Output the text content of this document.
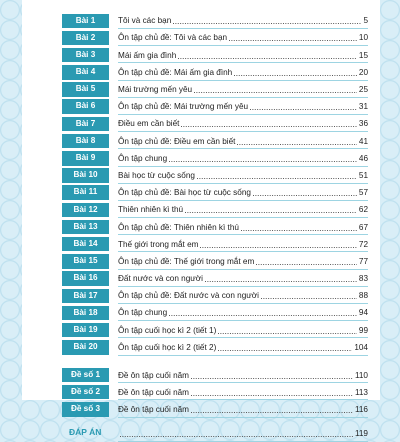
Bài 1	Tôi và các bạn	5
Bài 2	Ôn tập chủ đề: Tôi và các bạn	10
Bài 3	Mái ấm gia đình	15
Bài 4	Ôn tập chủ đề: Mái ấm gia đình	20
Bài 5	Mái trường mến yêu	25
Bài 6	Ôn tập chủ đề: Mái trường mến yêu	31
Bài 7	Điều em cần biết	36
Bài 8	Ôn tập chủ đề: Điều em cần biết	41
Bài 9	Ôn tập chung	46
Bài 10	Bài học từ cuộc sống	51
Bài 11	Ôn tập chủ đề: Bài học từ cuộc sống	57
Bài 12	Thiên nhiên kì thú	62
Bài 13	Ôn tập chủ đề: Thiên nhiên kì thú	67
Bài 14	Thế giới trong mắt em	72
Bài 15	Ôn tập chủ đề: Thế giới trong mắt em	77
Bài 16	Đất nước và con người	83
Bài 17	Ôn tập chủ đề: Đất nước và con người	88
Bài 18	Ôn tập chung	94
Bài 19	Ôn tập cuối học kì 2 (tiết 1)	99
Bài 20	Ôn tập cuối học kì 2 (tiết 2)	104
Đề số 1	Đề ôn tập cuối năm	110
Đề số 2	Đề ôn tập cuối năm	113
Đề số 3	Đề ôn tập cuối năm	116
ĐÁP ÁN	119
